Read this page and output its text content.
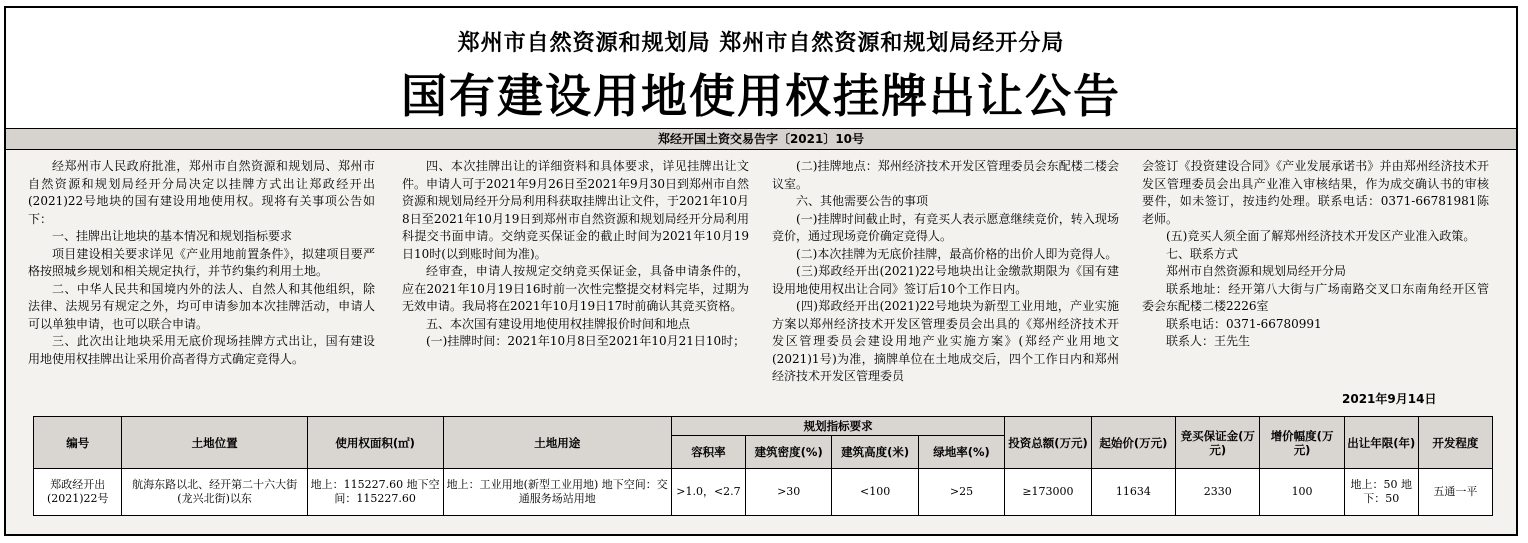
郑州市自然资源和规划局 郑州市自然资源和规划局经开分局
国有建设用地使用权挂牌出让公告
郑经开国土资交易告字〔2021〕10号

经郑州市人民政府批准，郑州市自然资源和规划局、郑州市自然资源和规划局经开分局决定以挂牌方式出让郑政经开出(2021)22号地块的国有建设用地使用权。现将有关事项公告如下：

一、挂牌出让地块的基本情况和规划指标要求

项目建设相关要求详见《产业用地前置条件》，拟建项目要严格按照城乡规划和相关规定执行，并节约集约利用土地。

二、中华人民共和国境内外的法人、自然人和其他组织，除法律、法规另有规定之外，均可申请参加本次挂牌活动，申请人可以单独申请，也可以联合申请。

三、此次出让地块采用无底价现场挂牌方式出让，国有建设用地使用权挂牌出让采用价高者得方式确定竞得人。

四、本次挂牌出让的详细资料和具体要求，详见挂牌出让文件。申请人可于2021年9月26日至2021年9月30日到郑州市自然资源和规划局经开分局利用科获取挂牌出让文件，于2021年10月8日至2021年10月19日到郑州市自然资源和规划局经开分局利用科提交书面申请。交纳竞买保证金的截止时间为2021年10月19日10时(以到账时间为准)。

经审查，申请人按规定交纳竞买保证金，具备申请条件的，应在2021年10月19日16时前一次性完整提交材料完毕，过期为无效申请。我局将在2021年10月19日17时前确认其竞买资格。

五、本次国有建设用地使用权挂牌报价时间和地点

(一)挂牌时间：2021年10月8日至2021年10月21日10时；

(二)挂牌地点：郑州经济技术开发区管理委员会东配楼二楼会议室。

六、其他需要公告的事项

(一)挂牌时间截止时，有竞买人表示愿意继续竞价，转入现场竞价，通过现场竞价确定竞得人。

(二)本次挂牌为无底价挂牌，最高价格的出价人即为竞得人。

(三)郑政经开出(2021)22号地块出让金缴款期限为《国有建设用地使用权出让合同》签订后10个工作日内。

(四)郑政经开出(2021)22号地块为新型工业用地，产业实施方案以郑州经济技术开发区管理委员会出具的《郑州经济技术开发区管理委员会建设用地产业实施方案》(郑经产业用地文(2021)1号)为准，摘牌单位在土地成交后，四个工作日内和郑州经济技术开发区管理委员

会签订《投资建设合同》《产业发展承诺书》并由郑州经济技术开发区管理委员会出具产业准入审核结果，作为成交确认书的审核要件，如未签订，按违约处理。联系电话：0371-66781981陈老师。

(五)竞买人须全面了解郑州经济技术开发区产业准入政策。

七、联系方式

郑州市自然资源和规划局经开分局

联系地址：经开第八大街与广场南路交叉口东南角经开区管委会东配楼二楼2226室

联系电话：0371-66780991

联系人：王先生

2021年9月14日
编号	土地位置	使用权面积(㎡)	土地用途	规划指标要求				投资总额(万元)	起始价(万元)	竞买保证金(万元)	增价幅度(万元)	出让年限(年)	开发程度
				容积率	建筑密度(%)	建筑高度(米)	绿地率(%)						
郑政经开出(2021)22号	航海东路以北、经开第二十六大街(龙兴北街)以东	地上：115227.60 地下空间：115227.60	地上：工业用地(新型工业用地) 地下空间：交通服务场站用地	>1.0，<2.7	>30	<100	>25	≥173000	11634	2330	100	地上：50 地下：50	五通一平
